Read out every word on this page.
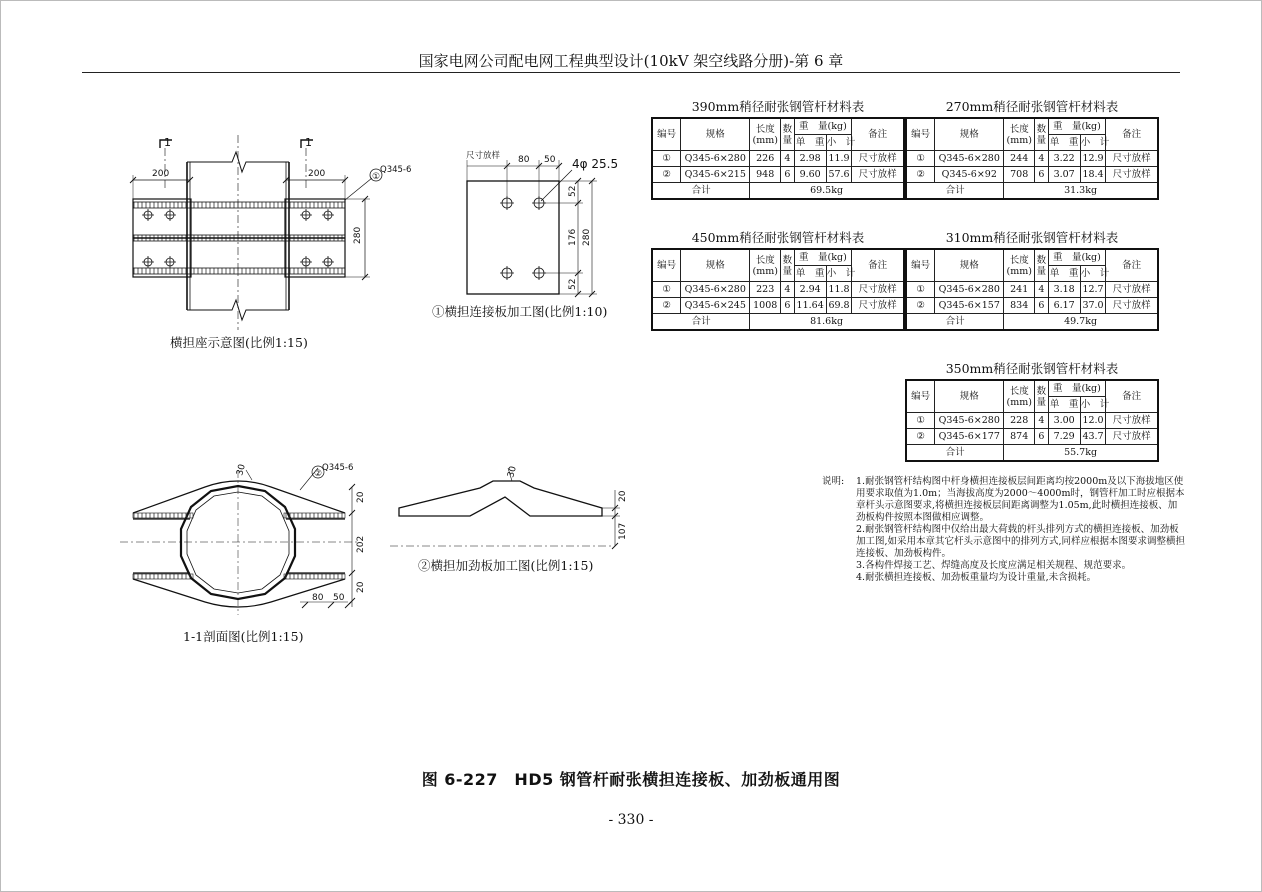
国家电网公司配电网工程典型设计(10kV 架空线路分册)-第 6 章
1	1
200	200
280
①
Q345-6
尺寸放样 80 50 4φ 25.5
52
176 280
52
30	②
Q345-6
20
202
20
80 50
30
20
107
横担座示意图(比例1:15)
①横担连接板加工图(比例1:10)
②横担加劲板加工图(比例1:15)
1-1剖面图(比例1:15)
390mm稍径耐张钢管杆材料表
编号	规格	长度
(mm)	数量	重　量(kg)		备注
				单　重	小　计	
①	Q345-6×280	226	4	2.98	11.9	尺寸放样
②	Q345-6×215	948	6	9.60	57.6	尺寸放样
合计		69.5kg				
270mm稍径耐张钢管杆材料表
编号	规格	长度
(mm)	数量	重　量(kg)		备注
				单　重	小　计	
①	Q345-6×280	244	4	3.22	12.9	尺寸放样
②	Q345-6×92	708	6	3.07	18.4	尺寸放样
合计		31.3kg				
450mm稍径耐张钢管杆材料表
编号	规格	长度
(mm)	数量	重　量(kg)		备注
				单　重	小　计	
①	Q345-6×280	223	4	2.94	11.8	尺寸放样
②	Q345-6×245	1008	6	11.64	69.8	尺寸放样
合计		81.6kg				
310mm稍径耐张钢管杆材料表
编号	规格	长度
(mm)	数量	重　量(kg)		备注
				单　重	小　计	
①	Q345-6×280	241	4	3.18	12.7	尺寸放样
②	Q345-6×157	834	6	6.17	37.0	尺寸放样
合计		49.7kg				
350mm稍径耐张钢管杆材料表
编号	规格	长度
(mm)	数量	重　量(kg)		备注
				单　重	小　计	
①	Q345-6×280	228	4	3.00	12.0	尺寸放样
②	Q345-6×177	874	6	7.29	43.7	尺寸放样
合计		55.7kg				
说明:	1.耐张钢管杆结构图中杆身横担连接板层间距离均按2000m及以下海拔地区使用要求取值为1.0m；当海拔高度为2000～4000m时，钢管杆加工时应根据本章杆头示意图要求,将横担连接板层间距离调整为1.05m,此时横担连接板、加劲板构件按照本图做相应调整。
2.耐张钢管杆结构图中仅给出最大荷载的杆头排列方式的横担连接板、加劲板加工图,如采用本章其它杆头示意图中的排列方式,同样应根据本图要求调整横担连接板、加劲板构件。
3.各构件焊接工艺、焊缝高度及长度应满足相关规程、规范要求。
4.耐张横担连接板、加劲板重量均为设计重量,未含损耗。
图 6-227　HD5 钢管杆耐张横担连接板、加劲板通用图
- 330 -
